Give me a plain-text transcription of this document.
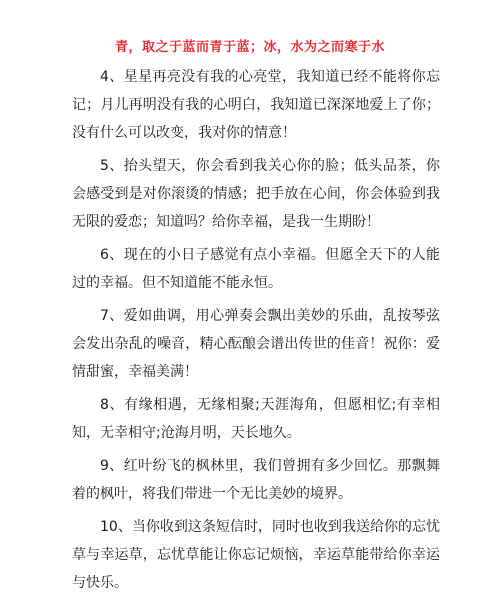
青，取之于蓝而青于蓝；冰，水为之而寒于水

4、星星再亮没有我的心亮堂，我知道已经不能将你忘记；月儿再明没有我的心明白，我知道已深深地爱上了你；没有什么可以改变，我对你的情意！

5、抬头望天，你会看到我关心你的脸；低头品茶，你会感受到是对你滚烫的情感；把手放在心间，你会体验到我无限的爱恋；知道吗？给你幸福，是我一生期盼！

6、现在的小日子感觉有点小幸福。但愿全天下的人能过的幸福。但不知道能不能永恒。

7、爱如曲调，用心弹奏会飘出美妙的乐曲，乱按琴弦会发出杂乱的噪音，精心酝酿会谱出传世的佳音！祝你：爱情甜蜜，幸福美满！

8、有缘相遇，无缘相聚;天涯海角，但愿相忆;有幸相知，无幸相守;沧海月明，天长地久。

9、红叶纷飞的枫林里，我们曾拥有多少回忆。那飘舞着的枫叶，将我们带进一个无比美妙的境界。

10、当你收到这条短信时，同时也收到我送给你的忘忧草与幸运草，忘忧草能让你忘记烦恼，幸运草能带给你幸运与快乐。
